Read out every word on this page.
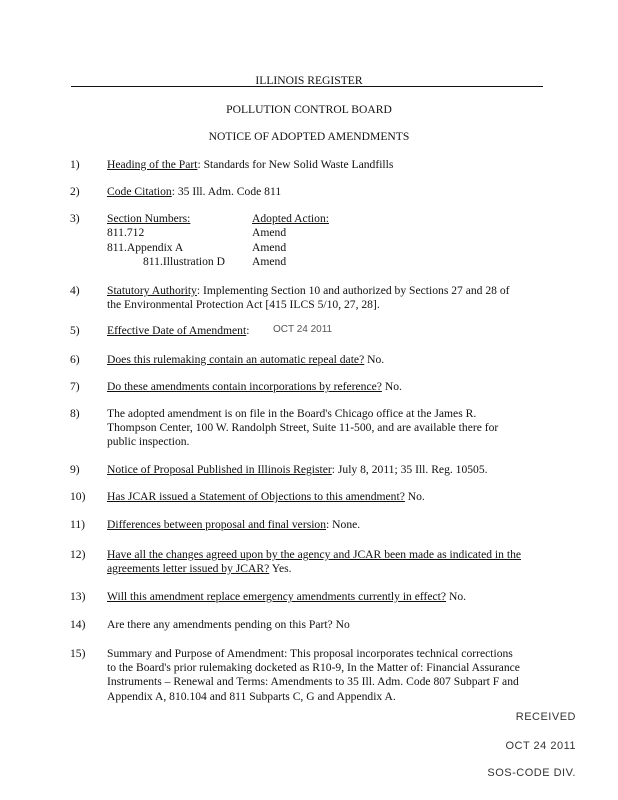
ILLINOIS REGISTER
POLLUTION CONTROL BOARD
NOTICE OF ADOPTED AMENDMENTS
1) Heading of the Part: Standards for New Solid Waste Landfills
2) Code Citation: 35 Ill. Adm. Code 811
3) Section Numbers:	Adopted Action:
811.712	Amend
811.Appendix A	Amend
811.Illustration D Amend
4) Statutory Authority: Implementing Section 10 and authorized by Sections 27 and 28 of
the Environmental Protection Act [415 ILCS 5/10, 27, 28].
5) Effective Date of Amendment: OCT 24 2011
6) Does this rulemaking contain an automatic repeal date? No.
7) Do these amendments contain incorporations by reference? No.
8) The adopted amendment is on file in the Board's Chicago office at the James R.
Thompson Center, 100 W. Randolph Street, Suite 11-500, and are available there for
public inspection.
9) Notice of Proposal Published in Illinois Register: July 8, 2011; 35 Ill. Reg. 10505.
10) Has JCAR issued a Statement of Objections to this amendment? No.
11) Differences between proposal and final version: None.
12) Have all the changes agreed upon by the agency and JCAR been made as indicated in the
agreements letter issued by JCAR? Yes.
13) Will this amendment replace emergency amendments currently in effect? No.
14) Are there any amendments pending on this Part? No
15) Summary and Purpose of Amendment: This proposal incorporates technical corrections
to the Board's prior rulemaking docketed as R10-9, In the Matter of: Financial Assurance
Instruments – Renewal and Terms: Amendments to 35 Ill. Adm. Code 807 Subpart F and
Appendix A, 810.104 and 811 Subparts C, G and Appendix A.
RECEIVED
OCT 24 2011
SOS-CODE DIV.
